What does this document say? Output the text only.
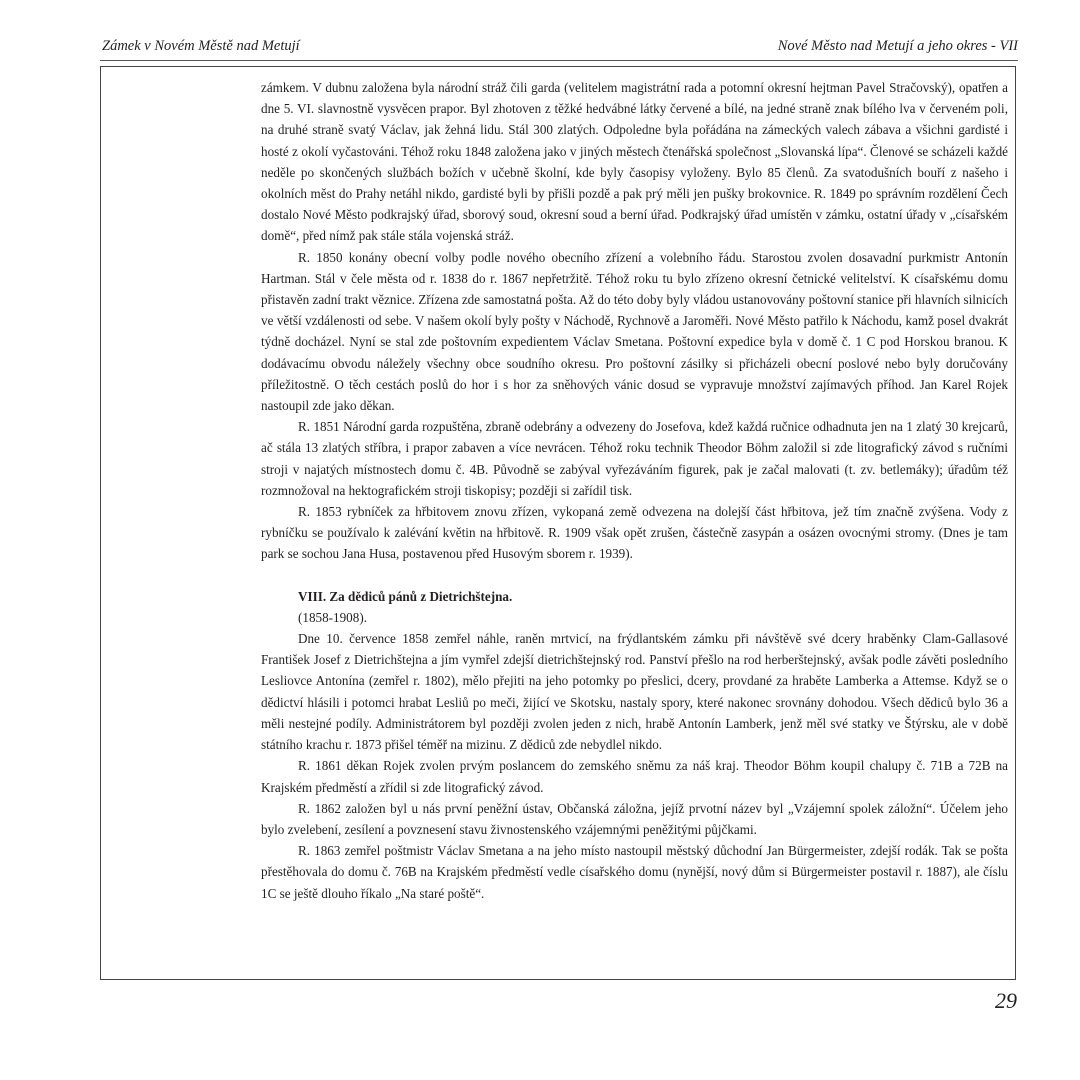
Zámek v Novém Městě nad Metují	Nové Město nad Metují a jeho okres - VII

zámkem. V dubnu založena byla národní stráž čili garda (velitelem magistrátní rada a potomní okresní hejtman Pavel Stračovský), opatřen a dne 5. VI. slavnostně vysvěcen prapor. Byl zhotoven z těžké hedvábné látky červené a bílé, na jedné straně znak bílého lva v červeném poli, na druhé straně svatý Václav, jak žehná lidu. Stál 300 zlatých. Odpoledne byla pořádána na zámeckých valech zábava a všichni gardisté i hosté z okolí vyčastováni. Téhož roku 1848 založena jako v jiných městech čtenářská společnost „Slovanská lípa“. Členové se scházeli každé neděle po skončených službách božích v učebně školní, kde byly časopisy vyloženy. Bylo 85 členů. Za svatodušních bouří z našeho i okolních měst do Prahy netáhl nikdo, gardisté byli by přišli pozdě a pak prý měli jen pušky brokovnice. R. 1849 po správním rozdělení Čech dostalo Nové Město podkrajský úřad, sborový soud, okresní soud a berní úřad. Podkrajský úřad umístěn v zámku, ostatní úřady v „císařském domě“, před nímž pak stále stála vojenská stráž.

R. 1850 konány obecní volby podle nového obecního zřízení a volebního řádu. Starostou zvolen dosavadní purkmistr Antonín Hartman. Stál v čele města od r. 1838 do r. 1867 nepřetržitě. Téhož roku tu bylo zřízeno okresní četnické velitelství. K císařskému domu přistavěn zadní trakt věznice. Zřízena zde samostatná pošta. Až do této doby byly vládou ustanovovány poštovní stanice při hlavních silnicích ve větší vzdálenosti od sebe. V našem okolí byly pošty v Náchodě, Rychnově a Jaroměři. Nové Město patřilo k Náchodu, kamž posel dvakrát týdně docházel. Nyní se stal zde poštovním expedientem Václav Smetana. Poštovní expedice byla v domě č. 1 C pod Horskou branou. K dodávacímu obvodu náležely všechny obce soudního okresu. Pro poštovní zásilky si přicházeli obecní poslové nebo byly doručovány příležitostně. O těch cestách poslů do hor i s hor za sněhových vánic dosud se vypravuje množství zajímavých příhod. Jan Karel Rojek nastoupil zde jako děkan.

R. 1851 Národní garda rozpuštěna, zbraně odebrány a odvezeny do Josefova, kdež každá ručnice odhadnuta jen na 1 zlatý 30 krejcarů, ač stála 13 zlatých stříbra, i prapor zabaven a více nevrácen. Téhož roku technik Theodor Böhm založil si zde litografický závod s ručními stroji v najatých místnostech domu č. 4B. Původně se zabýval vyřezáváním figurek, pak je začal malovati (t. zv. betlemáky); úřadům též rozmnožoval na hektografickém stroji tiskopisy; později si zařídil tisk.

R. 1853 rybníček za hřbitovem znovu zřízen, vykopaná země odvezena na dolejší část hřbitova, jež tím značně zvýšena. Vody z rybníčku se používalo k zalévání květin na hřbitově. R. 1909 však opět zrušen, částečně zasypán a osázen ovocnými stromy. (Dnes je tam park se sochou Jana Husa, postavenou před Husovým sborem r. 1939).

VIII. Za dědiců pánů z Dietrichštejna.

(1858-1908).

Dne 10. července 1858 zemřel náhle, raněn mrtvicí, na frýdlantském zámku při návštěvě své dcery hraběnky Clam-Gallasové František Josef z Dietrichštejna a jím vymřel zdejší dietrichštejnský rod. Panství přešlo na rod herberštejnský, avšak podle závěti posledního Lesliovce Antonína (zemřel r. 1802), mělo přejiti na jeho potomky po přeslici, dcery, provdané za hraběte Lamberka a Attemse. Když se o dědictví hlásili i potomci hrabat Lesliů po meči, žijící ve Skotsku, nastaly spory, které nakonec srovnány dohodou. Všech dědiců bylo 36 a měli nestejné podíly. Administrátorem byl později zvolen jeden z nich, hrabě Antonín Lamberk, jenž měl své statky ve Štýrsku, ale v době státního krachu r. 1873 přišel téměř na mizinu. Z dědiců zde nebydlel nikdo.

R. 1861 děkan Rojek zvolen prvým poslancem do zemského sněmu za náš kraj. Theodor Böhm koupil chalupy č. 71B a 72B na Krajském předměstí a zřídil si zde litografický závod.

R. 1862 založen byl u nás první peněžní ústav, Občanská záložna, jejíž prvotní název byl „Vzájemní spolek záložní“. Účelem jeho bylo zvelebení, zesílení a povznesení stavu živnostenského vzájemnými peněžitými půjčkami.

R. 1863 zemřel poštmistr Václav Smetana a na jeho místo nastoupil městský důchodní Jan Bürgermeister, zdejší rodák. Tak se pošta přestěhovala do domu č. 76B na Krajském předměstí vedle císařského domu (nynější, nový dům si Bürgermeister postavil r. 1887), ale číslu 1C se ještě dlouho říkalo „Na staré poště“.

29
